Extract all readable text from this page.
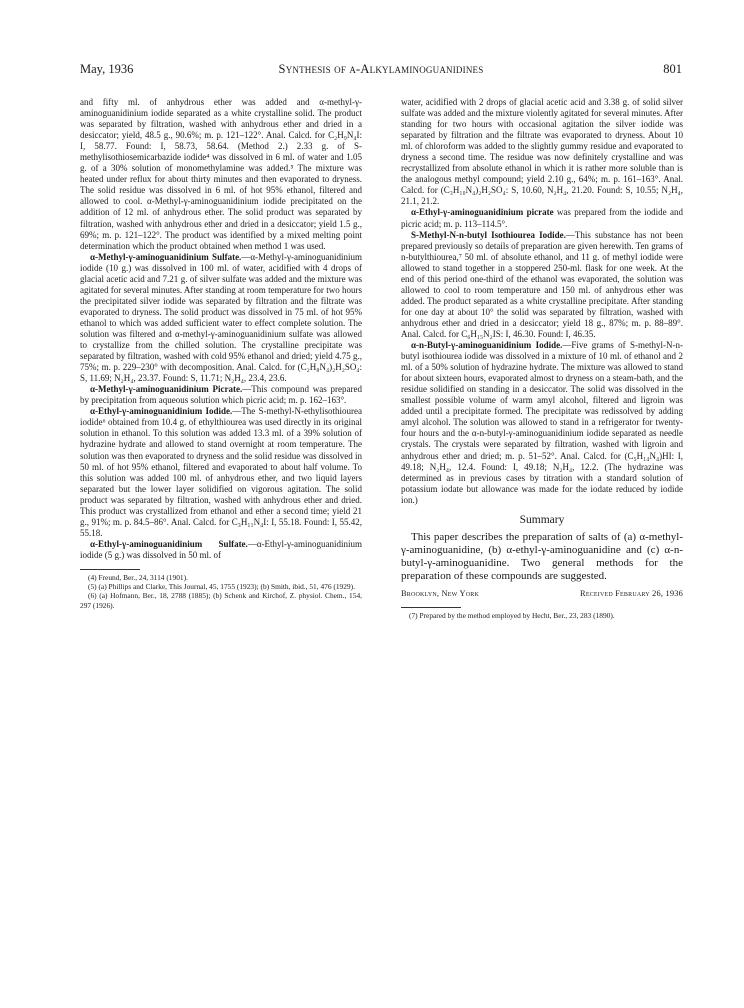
May, 1936	Synthesis of α-Alkylaminoguanidines	801

and fifty ml. of anhydrous ether was added and α-methyl-γ-aminoguanidinium iodide separated as a white crystalline solid. The product was separated by filtration, washed with anhydrous ether and dried in a desiccator; yield, 48.5 g., 90.6%; m. p. 121–122°. Anal. Calcd. for C₂H₉N₄I: I, 58.77. Found: I, 58.73, 58.64. (Method 2.) 2.33 g. of S-methylisothiosemicarbazide iodide⁴ was dissolved in 6 ml. of water and 1.05 g. of a 30% solution of monomethylamine was added.⁵ The mixture was heated under reflux for about thirty minutes and then evaporated to dryness. The solid residue was dissolved in 6 ml. of hot 95% ethanol, filtered and allowed to cool. α-Methyl-γ-aminoguanidinium iodide precipitated on the addition of 12 ml. of anhydrous ether. The solid product was separated by filtration, washed with anhydrous ether and dried in a desiccator; yield 1.5 g., 69%; m. p. 121–122°. The product was identified by a mixed melting point determination which the product obtained when method 1 was used.

α-Methyl-γ-aminoguanidinium Sulfate.—α-Methyl-γ-aminoguanidinium iodide (10 g.) was dissolved in 100 ml. of water, acidified with 4 drops of glacial acetic acid and 7.21 g. of silver sulfate was added and the mixture was agitated for several minutes. After standing at room temperature for two hours the precipitated silver iodide was separated by filtration and the filtrate was evaporated to dryness. The solid product was dissolved in 75 ml. of hot 95% ethanol to which was added sufficient water to effect complete solution. The solution was filtered and α-methyl-γ-aminoguanidinium sulfate was allowed to crystallize from the chilled solution. The crystalline precipitate was separated by filtration, washed with cold 95% ethanol and dried; yield 4.75 g., 75%; m. p. 229–230° with decomposition. Anal. Calcd. for (C₂H₈N₄)₂H₂SO₄: S, 11.69; N₂H₄, 23.37. Found: S, 11.71; N₂H₄, 23.4, 23.6.

α-Methyl-γ-aminoguanidinium Picrate.—This compound was prepared by precipitation from aqueous solution which picric acid; m. p. 162–163°.

α-Ethyl-γ-aminoguanidinium Iodide.—The S-methyl-N-ethylisothiourea iodide⁶ obtained from 10.4 g. of ethylthiourea was used directly in its original solution in ethanol. To this solution was added 13.3 ml. of a 39% solution of hydrazine hydrate and allowed to stand overnight at room temperature. The solution was then evaporated to dryness and the solid residue was dissolved in 50 ml. of hot 95% ethanol, filtered and evaporated to about half volume. To this solution was added 100 ml. of anhydrous ether, and two liquid layers separated but the lower layer solidified on vigorous agitation. The solid product was separated by filtration, washed with anhydrous ether and dried. This product was crystallized from ethanol and ether a second time; yield 21 g., 91%; m. p. 84.5–86°. Anal. Calcd. for C₃H₁₁N₄I: I, 55.18. Found: I, 55.42, 55.18.

α-Ethyl-γ-aminoguanidinium Sulfate.—α-Ethyl-γ-aminoguanidinium iodide (5 g.) was dissolved in 50 ml. of

(4) Freund, Ber., 24, 3114 (1901).

(5) (a) Phillips and Clarke, This Journal, 45, 1755 (1923); (b) Smith, ibid., 51, 476 (1929).

(6) (a) Hofmann, Ber., 18, 2788 (1885); (b) Schenk and Kirchof, Z. physiol. Chem., 154, 297 (1926).

water, acidified with 2 drops of glacial acetic acid and 3.38 g. of solid silver sulfate was added and the mixture violently agitated for several minutes. After standing for two hours with occasional agitation the silver iodide was separated by filtration and the filtrate was evaporated to dryness. About 10 ml. of chloroform was added to the slightly gummy residue and evaporated to dryness a second time. The residue was now definitely crystalline and was recrystallized from absolute ethanol in which it is rather more soluble than is the analogous methyl compound; yield 2.10 g., 64%; m. p. 161–163°. Anal. Calcd. for (C₃H₁₀N₄)₂H₂SO₄: S, 10.60, N₂H₄, 21.20. Found: S, 10.55; N₂H₄, 21.1, 21.2.

α-Ethyl-γ-aminoguanidinium picrate was prepared from the iodide and picric acid; m. p. 113–114.5°.

S-Methyl-N-n-butyl Isothiourea Iodide.—This substance has not been prepared previously so details of preparation are given herewith. Ten grams of n-butylthiourea,⁷ 50 ml. of absolute ethanol, and 11 g. of methyl iodide were allowed to stand together in a stoppered 250-ml. flask for one week. At the end of this period one-third of the ethanol was evaporated, the solution was allowed to cool to room temperature and 150 ml. of anhydrous ether was added. The product separated as a white crystalline precipitate. After standing for one day at about 10° the solid was separated by filtration, washed with anhydrous ether and dried in a desiccator; yield 18 g., 87%; m. p. 88–89°. Anal. Calcd. for C₆H₁₅N₂IS: I, 46.30. Found: I, 46.35.

α-n-Butyl-γ-aminoguanidinium Iodide.—Five grams of S-methyl-N-n-butyl isothiourea iodide was dissolved in a mixture of 10 ml. of ethanol and 2 ml. of a 50% solution of hydrazine hydrate. The mixture was allowed to stand for about sixteen hours, evaporated almost to dryness on a steam-bath, and the residue solidified on standing in a desiccator. The solid was dissolved in the smallest possible volume of warm amyl alcohol, filtered and ligroin was added until a precipitate formed. The precipitate was redissolved by adding amyl alcohol. The solution was allowed to stand in a refrigerator for twenty-four hours and the α-n-butyl-γ-aminoguanidinium iodide separated as needle crystals. The crystals were separated by filtration, washed with ligroin and anhydrous ether and dried; m. p. 51–52°. Anal. Calcd. for (C₅H₁₄N₄)HI: I, 49.18; N₂H₄, 12.4. Found: I, 49.18; N₂H₄, 12.2. (The hydrazine was determined as in previous cases by titration with a standard solution of potassium iodate but allowance was made for the iodate reduced by iodide ion.)

Summary

This paper describes the preparation of salts of (a) α-methyl-γ-aminoguanidine, (b) α-ethyl-γ-aminoguanidine and (c) α-n-butyl-γ-aminoguanidine. Two general methods for the preparation of these compounds are suggested.

Brooklyn, New York	Received February 26, 1936

(7) Prepared by the method employed by Hecht, Ber., 23, 283 (1890).
